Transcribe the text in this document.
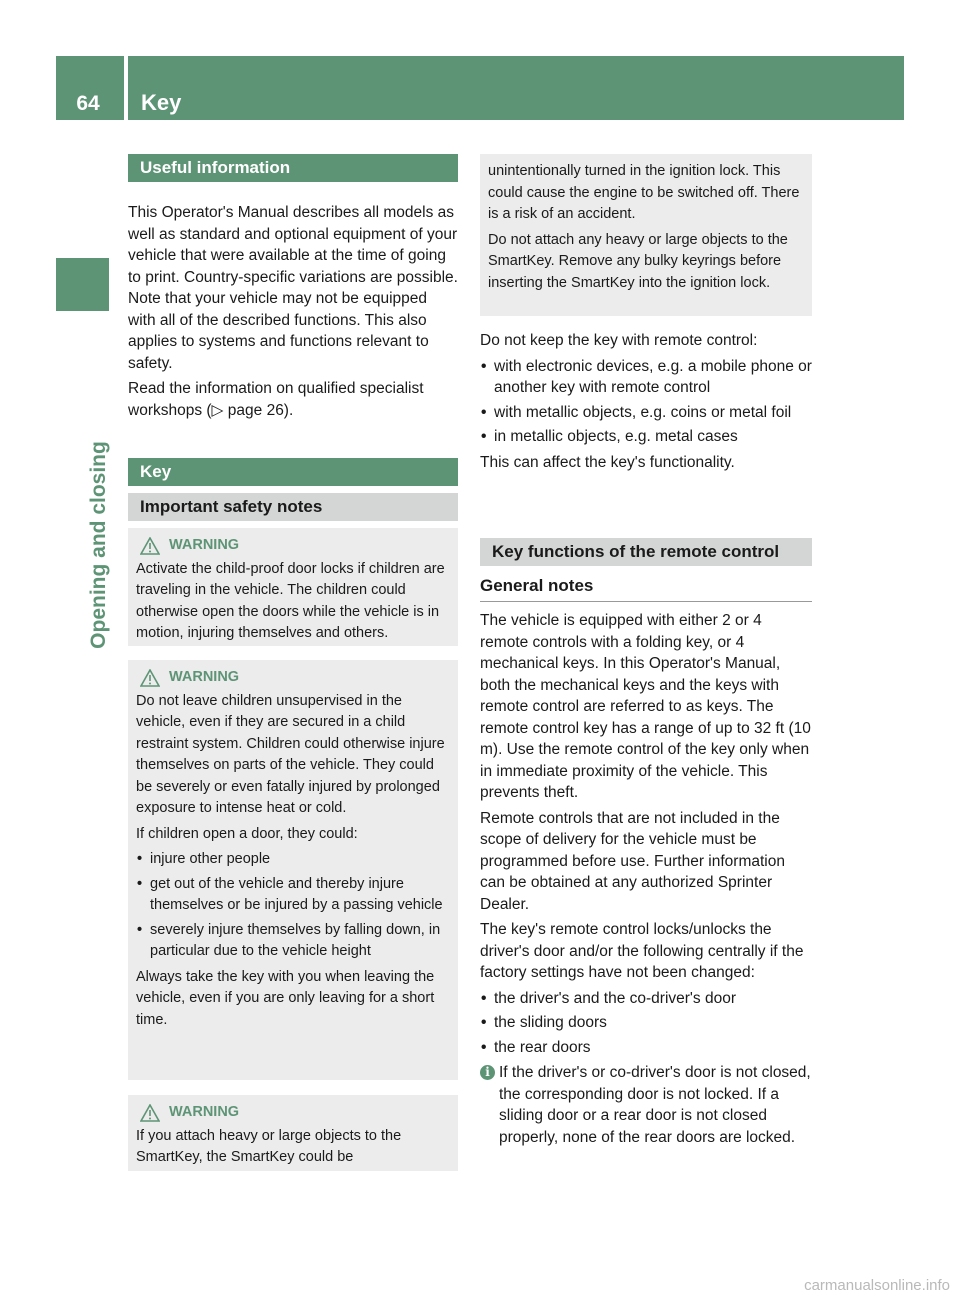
64	Key
Opening and closing
Useful information

This Operator's Manual describes all models as well as standard and optional equipment of your vehicle that were available at the time of going to print. Country-specific variations are possible. Note that your vehicle may not be equipped with all of the described functions. This also applies to systems and functions relevant to safety.

Read the information on qualified specialist workshops (▷ page 26).

Key
Important safety notes
WARNING

Activate the child-proof door locks if children are traveling in the vehicle. The children could otherwise open the doors while the vehicle is in motion, injuring themselves and others.

WARNING

Do not leave children unsupervised in the vehicle, even if they are secured in a child restraint system. Children could otherwise injure themselves on parts of the vehicle. They could be severely or even fatally injured by prolonged exposure to intense heat or cold.

If children open a door, they could:

• injure other people
• get out of the vehicle and thereby injure themselves or be injured by a passing vehicle
• severely injure themselves by falling down, in particular due to the vehicle height

Always take the key with you when leaving the vehicle, even if you are only leaving for a short time.

WARNING

If you attach heavy or large objects to the SmartKey, the SmartKey could be

unintentionally turned in the ignition lock. This could cause the engine to be switched off. There is a risk of an accident.

Do not attach any heavy or large objects to the SmartKey. Remove any bulky keyrings before inserting the SmartKey into the ignition lock.

Do not keep the key with remote control:

• with electronic devices, e.g. a mobile phone or another key with remote control
• with metallic objects, e.g. coins or metal foil
• in metallic objects, e.g. metal cases

This can affect the key's functionality.

Key functions of the remote control
General notes

The vehicle is equipped with either 2 or 4 remote controls with a folding key, or 4 mechanical keys. In this Operator's Manual, both the mechanical keys and the keys with remote control are referred to as keys. The remote control key has a range of up to 32 ft (10 m). Use the remote control of the key only when in immediate proximity of the vehicle. This prevents theft.

Remote controls that are not included in the scope of delivery for the vehicle must be programmed before use. Further information can be obtained at any authorized Sprinter Dealer.

The key's remote control locks/unlocks the driver's door and/or the following centrally if the factory settings have not been changed:

• the driver's and the co-driver's door
• the sliding doors
• the rear doors
i If the driver's or co-driver's door is not closed, the corresponding door is not locked. If a sliding door or a rear door is not closed properly, none of the rear doors are locked.
carmanualsonline.info
